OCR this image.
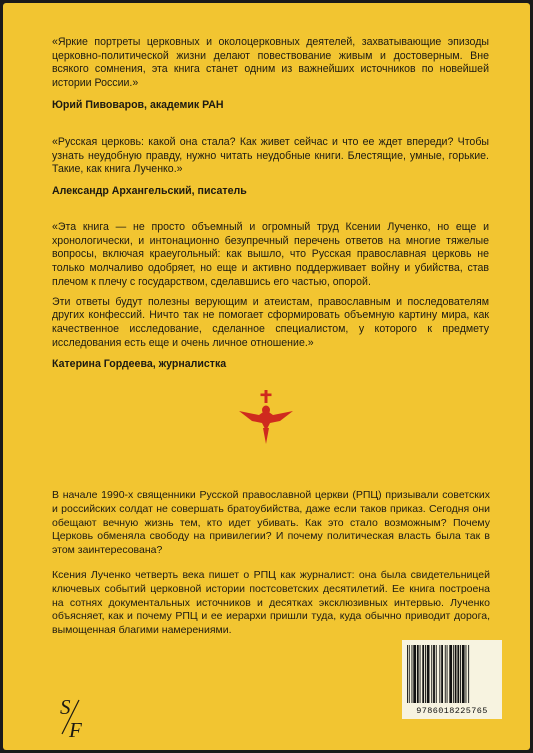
«Яркие портреты церковных и околоцерковных деятелей, захватывающие эпизоды церковно-политической жизни делают повествование живым и достоверным. Вне всякого сомнения, эта книга станет одним из важнейших источников по новейшей истории России.»

Юрий Пивоваров, академик РАН

«Русская церковь: какой она стала? Как живет сейчас и что ее ждет впереди? Чтобы узнать неудобную правду, нужно читать неудобные книги. Блестящие, умные, горькие. Такие, как книга Лученко.»

Александр Архангельский, писатель

«Эта книга — не просто объемный и огромный труд Ксении Лученко, но еще и хронологически, и интонационно безупречный перечень ответов на многие тяжелые вопросы, включая краеугольный: как вышло, что Русская православная церковь не только молчаливо одобряет, но еще и активно поддерживает войну и убийства, став плечом к плечу с государством, сделавшись его частью, опорой.

Эти ответы будут полезны верующим и атеистам, православным и последователям других конфессий. Ничто так не помогает сформировать объемную картину мира, как качественное исследование, сделанное специалистом, у которого к предмету исследования есть еще и очень личное отношение.»

Катерина Гордеева, журналистка

В начале 1990-х священники Русской православной церкви (РПЦ) призывали советских и российских солдат не совершать братоубийства, даже если таков приказ. Сегодня они обещают вечную жизнь тем, кто идет убивать. Как это стало возможным? Почему Церковь обменяла свободу на привилегии? И почему политическая власть была так в этом заинтересована?

Ксения Лученко четверть века пишет о РПЦ как журналист: она была свидетельницей ключевых событий церковной истории постсоветских десятилетий. Ее книга построена на сотнях документальных источников и десятках эксклюзивных интервью. Лученко объясняет, как и почему РПЦ и ее иерархи пришли туда, куда обычно приводит дорога, вымощенная благими намерениями.

S
F
9786018225765
